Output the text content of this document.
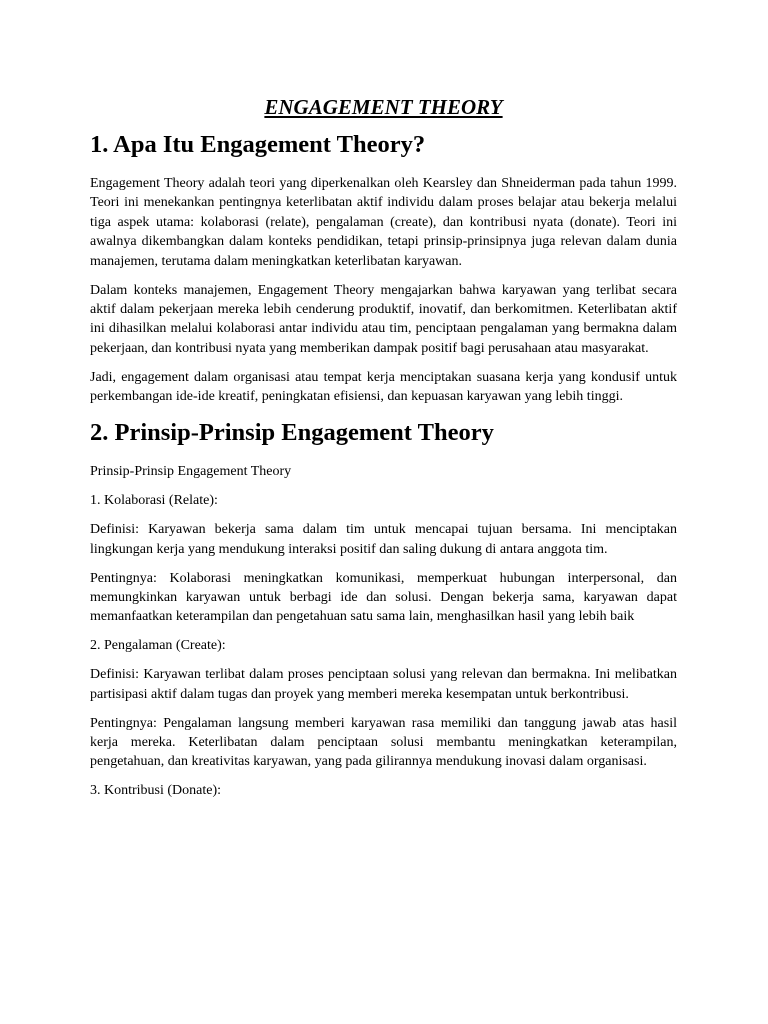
ENGAGEMENT THEORY
1. Apa Itu Engagement Theory?

Engagement Theory adalah teori yang diperkenalkan oleh Kearsley dan Shneiderman pada tahun 1999. Teori ini menekankan pentingnya keterlibatan aktif individu dalam proses belajar atau bekerja melalui tiga aspek utama: kolaborasi (relate), pengalaman (create), dan kontribusi nyata (donate). Teori ini awalnya dikembangkan dalam konteks pendidikan, tetapi prinsip-prinsipnya juga relevan dalam dunia manajemen, terutama dalam meningkatkan keterlibatan karyawan.

Dalam konteks manajemen, Engagement Theory mengajarkan bahwa karyawan yang terlibat secara aktif dalam pekerjaan mereka lebih cenderung produktif, inovatif, dan berkomitmen. Keterlibatan aktif ini dihasilkan melalui kolaborasi antar individu atau tim, penciptaan pengalaman yang bermakna dalam pekerjaan, dan kontribusi nyata yang memberikan dampak positif bagi perusahaan atau masyarakat.

Jadi, engagement dalam organisasi atau tempat kerja menciptakan suasana kerja yang kondusif untuk perkembangan ide-ide kreatif, peningkatan efisiensi, dan kepuasan karyawan yang lebih tinggi.

2. Prinsip-Prinsip Engagement Theory

Prinsip-Prinsip Engagement Theory

1. Kolaborasi (Relate):

Definisi: Karyawan bekerja sama dalam tim untuk mencapai tujuan bersama. Ini menciptakan lingkungan kerja yang mendukung interaksi positif dan saling dukung di antara anggota tim.

Pentingnya: Kolaborasi meningkatkan komunikasi, memperkuat hubungan interpersonal, dan memungkinkan karyawan untuk berbagi ide dan solusi. Dengan bekerja sama, karyawan dapat memanfaatkan keterampilan dan pengetahuan satu sama lain, menghasilkan hasil yang lebih baik

2. Pengalaman (Create):

Definisi: Karyawan terlibat dalam proses penciptaan solusi yang relevan dan bermakna. Ini melibatkan partisipasi aktif dalam tugas dan proyek yang memberi mereka kesempatan untuk berkontribusi.

Pentingnya: Pengalaman langsung memberi karyawan rasa memiliki dan tanggung jawab atas hasil kerja mereka. Keterlibatan dalam penciptaan solusi membantu meningkatkan keterampilan, pengetahuan, dan kreativitas karyawan, yang pada gilirannya mendukung inovasi dalam organisasi.

3. Kontribusi (Donate):
